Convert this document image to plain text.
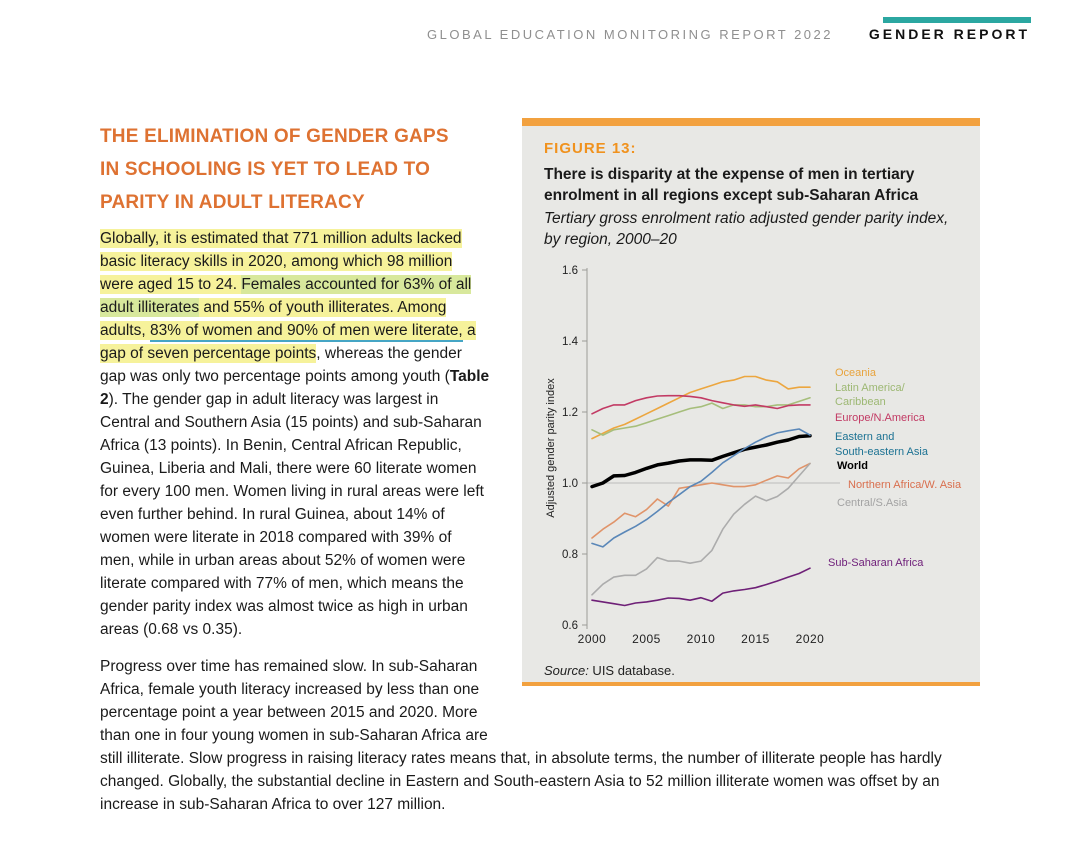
GLOBAL EDUCATION MONITORING REPORT 2022	GENDER REPORT
FIGURE 13:
There is disparity at the expense of men in tertiary enrolment in all regions except sub-Saharan Africa
Tertiary gross enrolment ratio adjusted gender parity index, by region, 2000–20
0.6
0.8
1.0
1.2
1.4
1.6
2000 2005 2010 2015 2020
Oceania
Latin America/
Caribbean
Europe/N.America
Eastern and
South-eastern Asia
World
Northern Africa/W. Asia
Central/S.Asia
Sub-Saharan Africa
Adjusted gender parity index
Source: UIS database.
THE ELIMINATION OF GENDER GAPS
IN SCHOOLING IS YET TO LEAD TO
PARITY IN ADULT LITERACY

Globally, it is estimated that 771 million adults lacked basic literacy skills in 2020, among which 98 million were aged 15 to 24. Females accounted for 63% of all adult illiterates and 55% of youth illiterates. Among adults, 83% of women and 90% of men were literate, a gap of seven percentage points, whereas the gender gap was only two percentage points among youth (Table 2). The gender gap in adult literacy was largest in Central and Southern Asia (15 points) and sub-Saharan Africa (13 points). In Benin, Central African Republic, Guinea, Liberia and Mali, there were 60 literate women for every 100 men. Women living in rural areas were left even further behind. In rural Guinea, about 14% of women were literate in 2018 compared with 39% of men, while in urban areas about 52% of women were literate compared with 77% of men, which means the gender parity index was almost twice as high in urban areas (0.68 vs 0.35).

Progress over time has remained slow. In sub-Saharan Africa, female youth literacy increased by less than one percentage point a year between 2015 and 2020. More than one in four young women in sub-Saharan Africa are still illiterate. Slow progress in raising literacy rates means that, in absolute terms, the number of illiterate people has hardly changed. Globally, the substantial decline in Eastern and South-eastern Asia to 52 million illiterate women was offset by an increase in sub-Saharan Africa to over 127 million.
